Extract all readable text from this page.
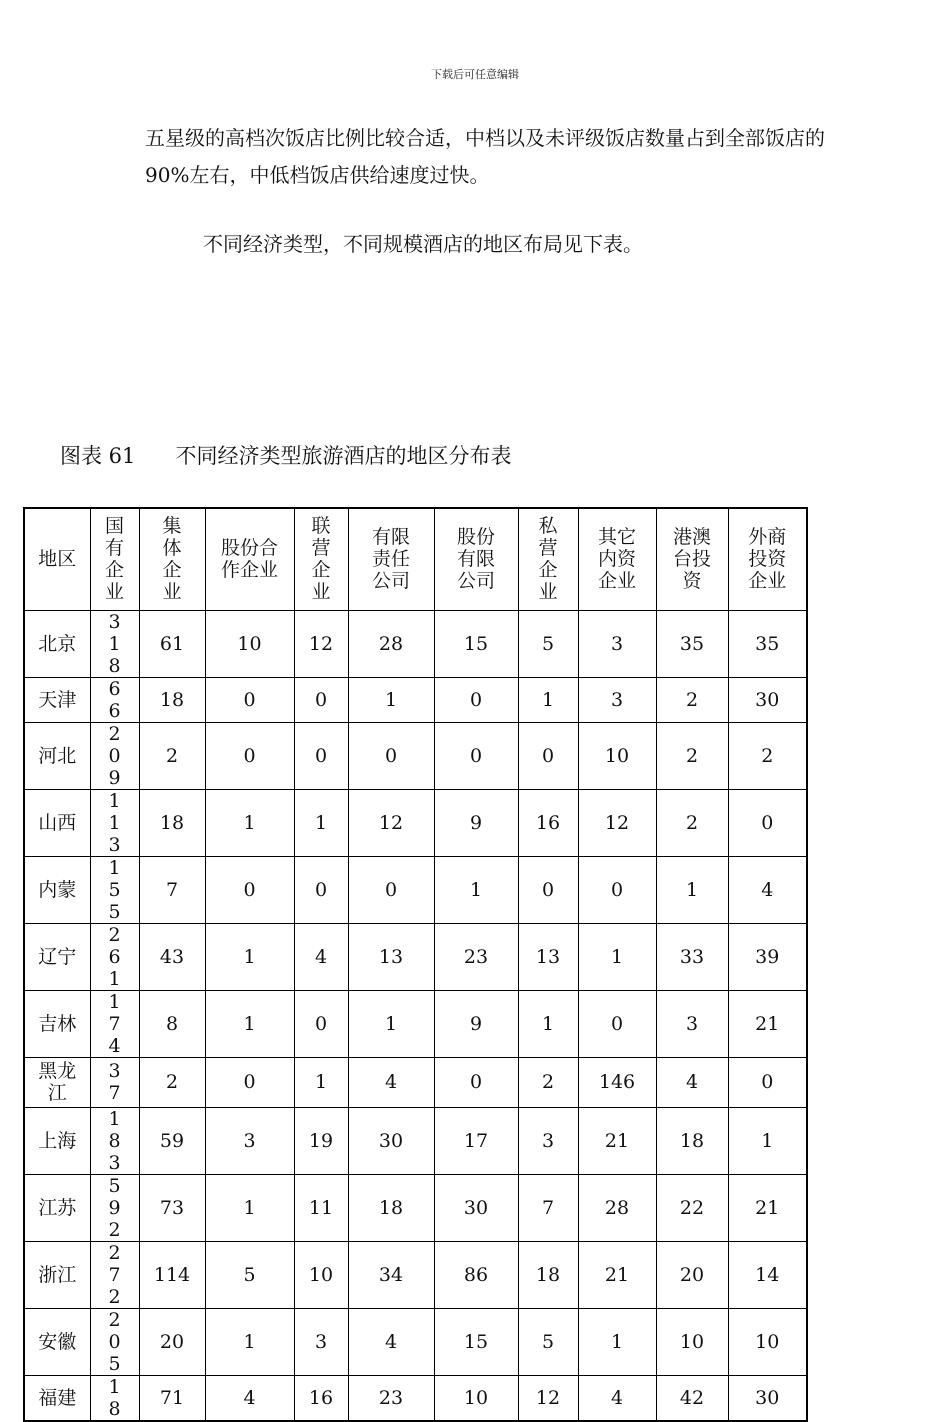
下载后可任意编辑

五星级的高档次饭店比例比较合适，中档以及未评级饭店数量占到全部饭店的 90%左右，中低档饭店供给速度过快。

不同经济类型，不同规模酒店的地区布局见下表。

图表 61      不同经济类型旅游酒店的地区分布表

地区	国有企业	集体企业	股份合作企业	联营企业	有限责任公司	股份有限公司	私营企业	其它内资企业	港澳台投资	外商投资企业

北京	318	61	10	12	28	15	5	3	35	35

天津	66	18	0	0	1	0	1	3	2	30

河北	209	2	0	0	0	0	0	10	2	2

山西	113	18	1	1	12	9	16	12	2	0

内蒙	155	7	0	0	0	1	0	0	1	4

辽宁	261	43	1	4	13	23	13	1	33	39

吉林	174	8	1	0	1	9	1	0	3	21

黑龙江	37	2	0	1	4	0	2	146	4	0

上海	183	59	3	19	30	17	3	21	18	1

江苏	592	73	1	11	18	30	7	28	22	21

浙江	272	114	5	10	34	86	18	21	20	14

安徽	205	20	1	3	4	15	5	1	10	10

福建	18	71	4	16	23	10	12	4	42	30
